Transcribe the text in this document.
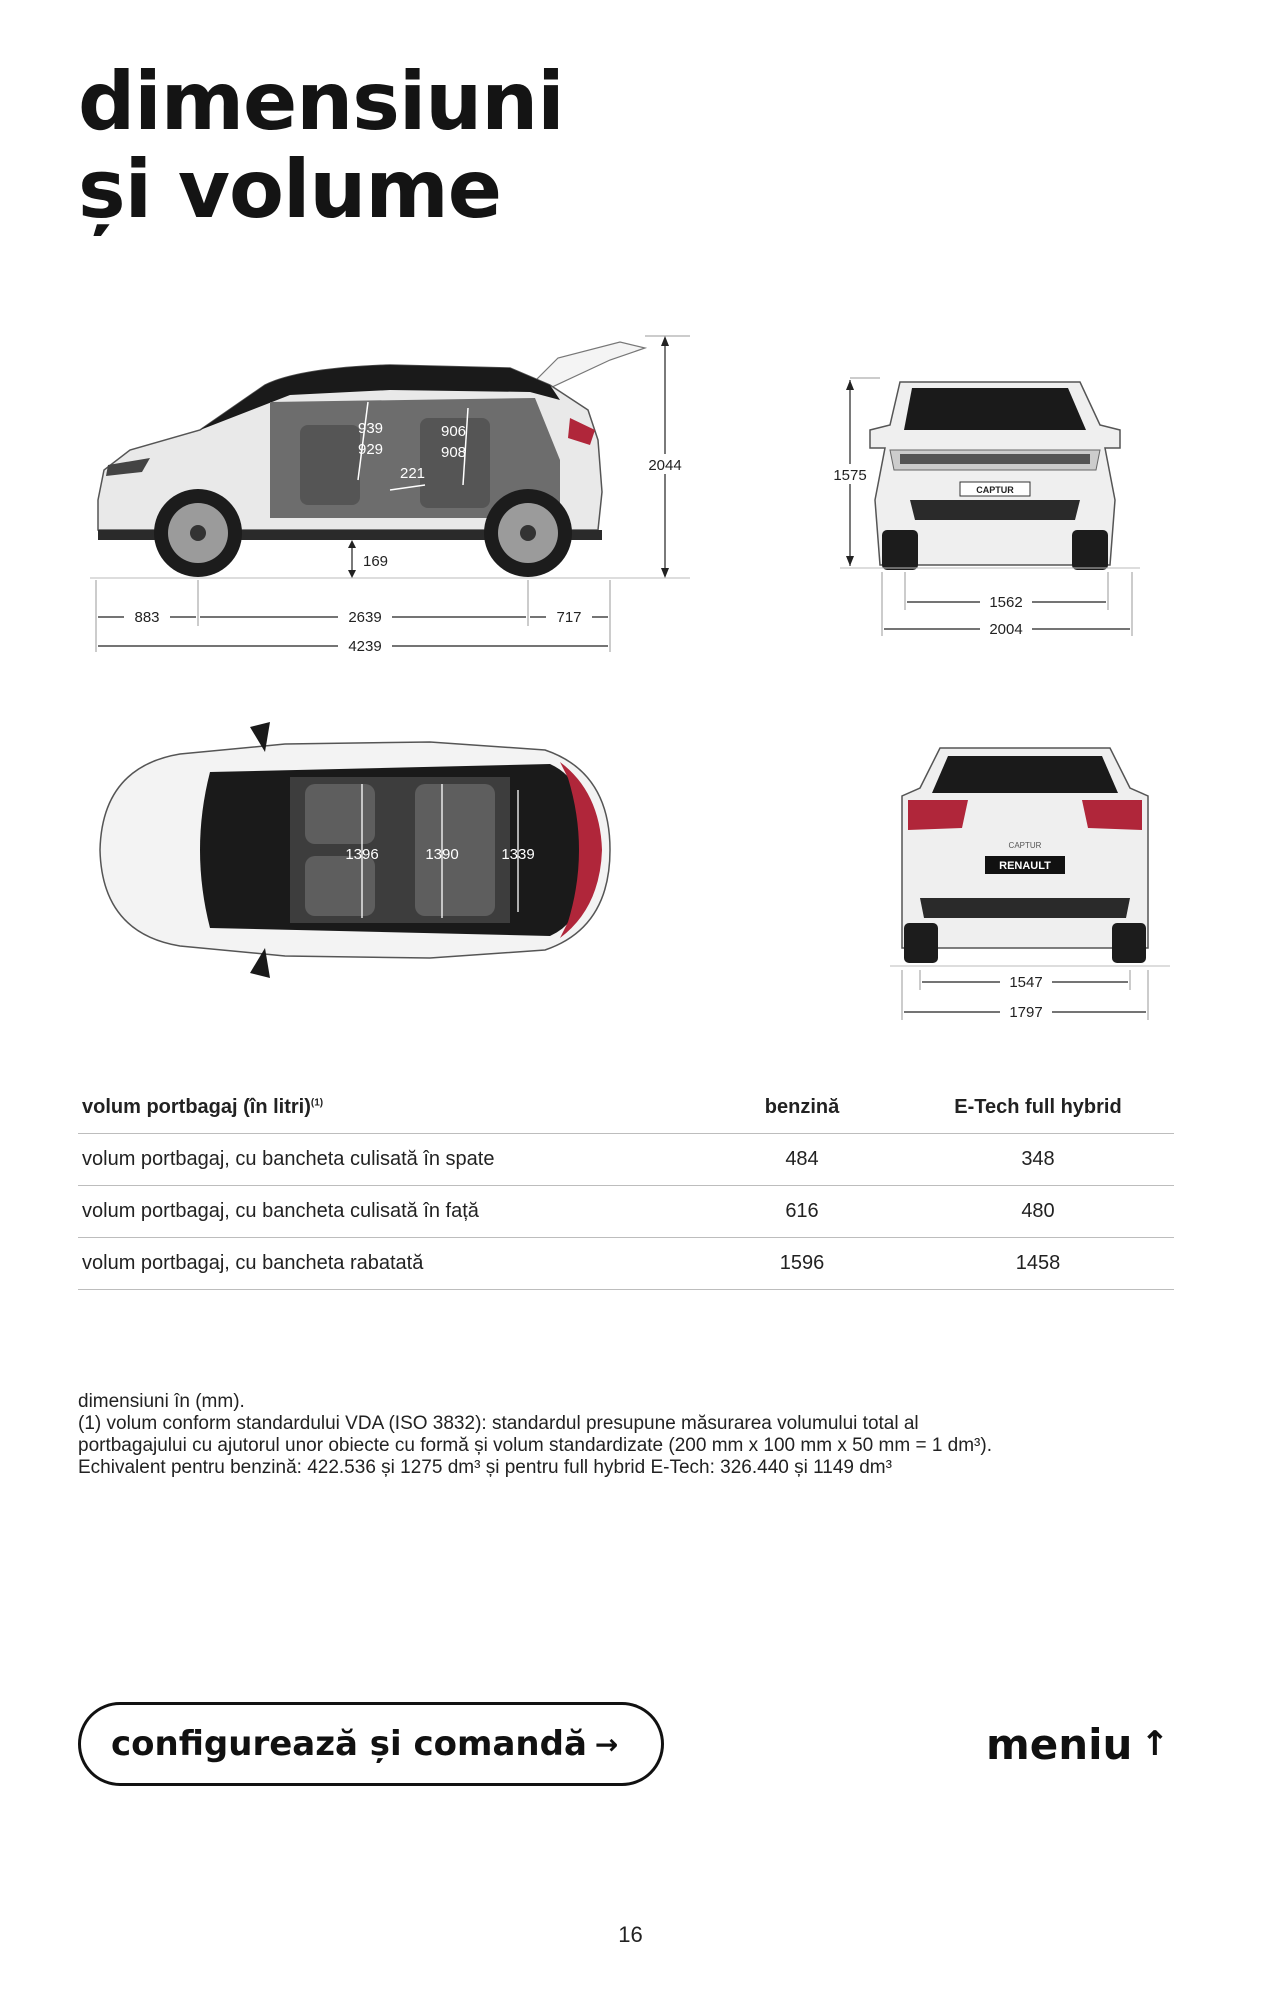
dimensiuni
și volume
939
929
906
908
221
169
2044
883	2639	717
4239
CAPTUR
1575
1562
2004
1396	1390	1339
RENAULT
CAPTUR
1547
1797
volum portbagaj (în litri)$^{(1)}$	benzină	E-Tech full hybrid
volum portbagaj, cu bancheta culisată în spate	484	348
volum portbagaj, cu bancheta culisată în față	616	480
volum portbagaj, cu bancheta rabatată	1596	1458

dimensiuni în (mm).

(1) volum conform standardului VDA (ISO 3832): standardul presupune măsurarea volumului total al

portbagajului cu ajutorul unor obiecte cu formă și volum standardizate (200 mm x 100 mm x 50 mm = 1 dm³).

Echivalent pentru benzină: 422.536 și 1275 dm³ și pentru full hybrid E-Tech: 326.440 și 1149 dm³

configurează și comandă →	meniu ↑
16
